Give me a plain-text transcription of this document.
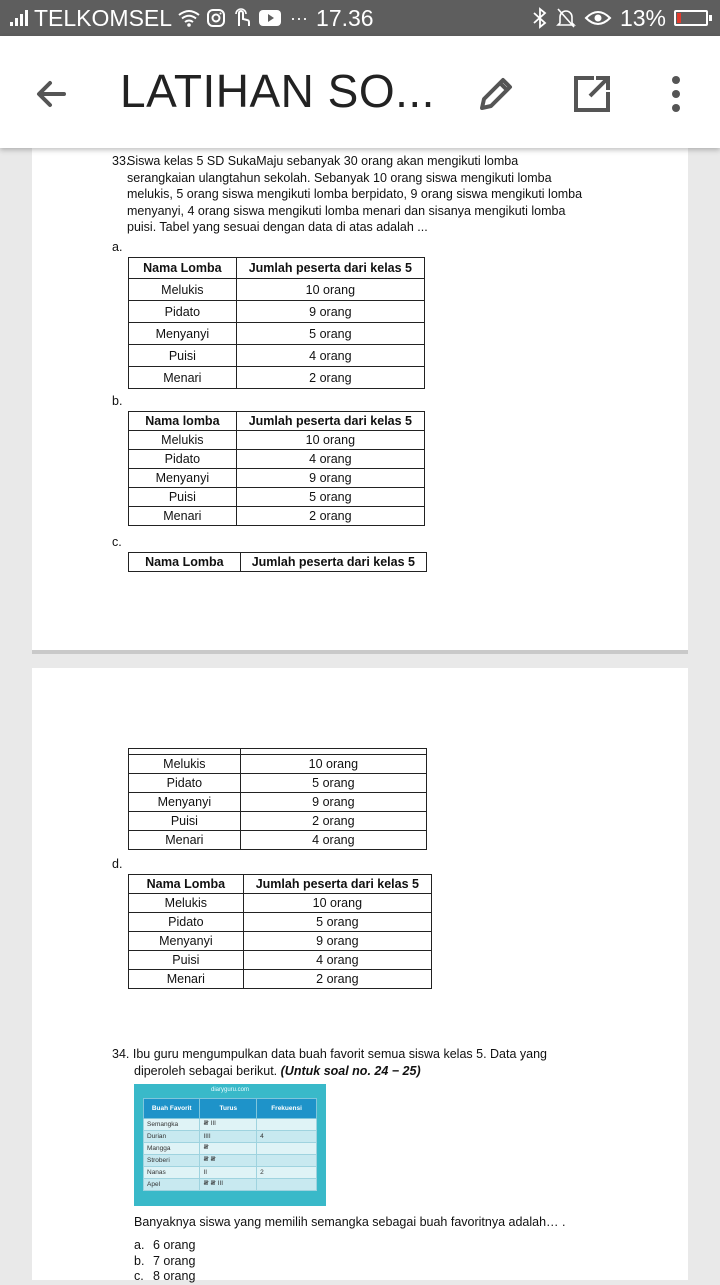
TELKOMSEL	··· 17.36	13%
LATIHAN SO...
33.Siswa kelas 5 SD SukaMaju sebanyak 30 orang akan mengikuti lomba
serangkaian ulangtahun sekolah. Sebanyak 10 orang siswa mengikuti lomba
melukis, 5 orang siswa mengikuti lomba berpidato, 9 orang siswa mengikuti lomba
menyanyi, 4 orang siswa mengikuti lomba menari dan sisanya mengikuti lomba
puisi. Tabel yang sesuai dengan data di atas adalah ...
a.
Nama Lomba	Jumlah peserta dari kelas 5
Melukis	10 orang
Pidato	9 orang
Menyanyi	5 orang
Puisi	4 orang
Menari	2 orang
b.
Nama lomba	Jumlah peserta dari kelas 5
Melukis	10 orang
Pidato	4 orang
Menyanyi	9 orang
Puisi	5 orang
Menari	2 orang
c.
Nama Lomba	Jumlah peserta dari kelas 5

Melukis	10 orang
Pidato	5 orang
Menyanyi	9 orang
Puisi	2 orang
Menari	4 orang
d.
Nama Lomba	Jumlah peserta dari kelas 5
Melukis	10 orang
Pidato	5 orang
Menyanyi	9 orang
Puisi	4 orang
Menari	2 orang
34. Ibu guru mengumpulkan data buah favorit semua siswa kelas 5. Data yang
diperoleh sebagai berikut. (Untuk soal no. 24 − 25)
diaryguru.com
Buah Favorit	Turus	Frekuensi
Semangka	𝍸 III	
Durian	IIII	4
Mangga	𝍸	
Stroberi	𝍸 𝍸	
Nanas	II	2
Apel	𝍸 𝍸 III	
Banyaknya siswa yang memilih semangka sebagai buah favoritnya adalah… .
a. 6 orang
b. 7 orang
c. 8 orang
